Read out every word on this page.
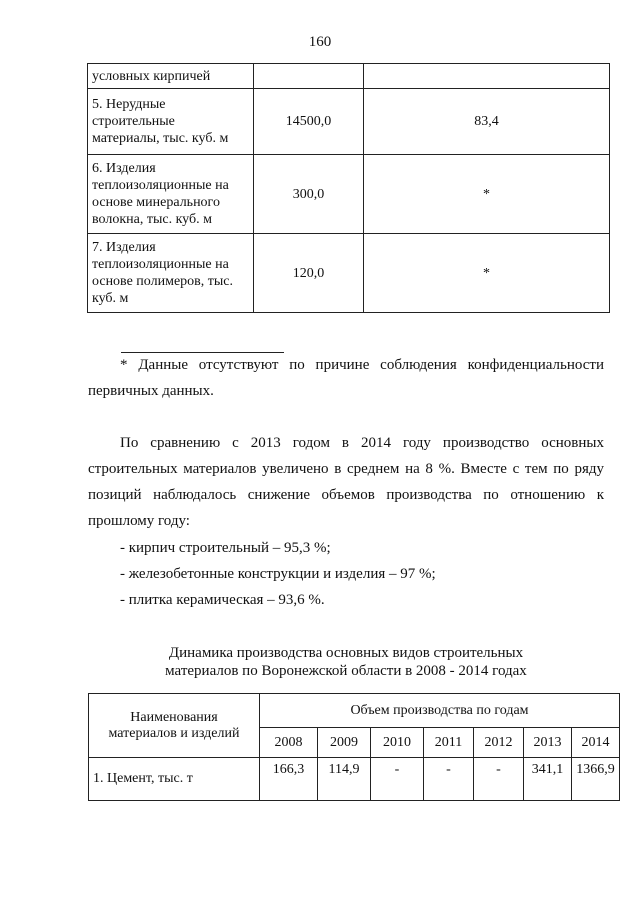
160
условных кирпичей		
5. Нерудные
строительные
материалы, тыс. куб. м	14500,0	83,4
6. Изделия
теплоизоляционные на
основе минерального
волокна, тыс. куб. м	300,0	*
7. Изделия
теплоизоляционные на
основе полимеров, тыс.
куб. м	120,0	*
* Данные отсутствуют по причине соблюдения конфиденциальности первичных данных.
По сравнению с 2013 годом в 2014 году производство основных строительных материалов увеличено в среднем на 8 %. Вместе с тем по ряду позиций наблюдалось снижение объемов производства по отношению к прошлому году:
- кирпич строительный – 95,3 %;
- железобетонные конструкции и изделия – 97 %;
- плитка керамическая – 93,6 %.
Динамика производства основных видов строительных
материалов по Воронежской области в 2008 - 2014 годах
Наименования
материалов и изделий	Объем производства по годам						
	2008	2009	2010	2011	2012	2013	2014
1. Цемент, тыс. т	166,3	114,9	-	-	-	341,1	1366,9
